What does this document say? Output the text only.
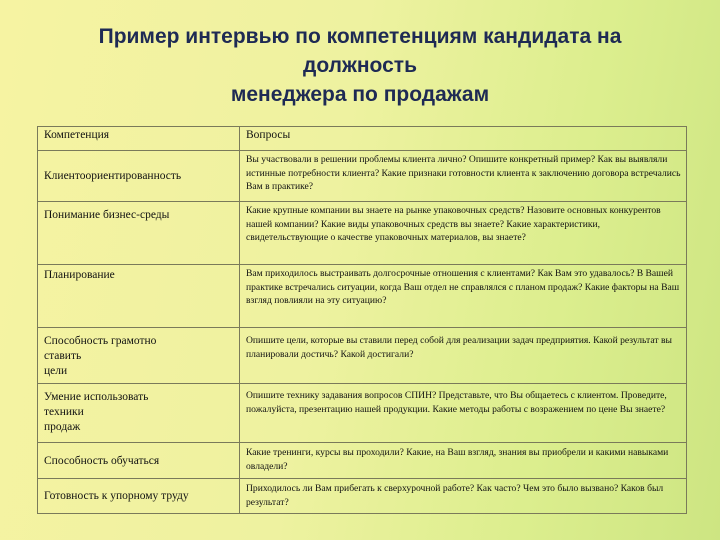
Пример интервью по компетенциям кандидата на
должность
менеджера по продажам
Компетенция	Вопросы
Клиентоориентированность	Вы участвовали в решении проблемы клиента лично? Опишите конкретный пример? Как вы выявляли истинные потребности клиента? Какие признаки готовности клиента к заключению договора встречались Вам в практике?
Понимание бизнес-среды	Какие крупные компании вы знаете на рынке упаковочных средств? Назовите основных конкурентов нашей компании? Какие виды упаковочных средств вы знаете? Какие характеристики, свидетельствующие о качестве упаковочных материалов, вы знаете?
Планирование	Вам приходилось выстраивать долгосрочные отношения с клиентами? Как Вам это удавалось? В Вашей практике встречались ситуации, когда Ваш отдел не справлялся с планом продаж? Какие факторы на Ваш взгляд повлияли на эту ситуацию?
Способность грамотно
ставить
цели	Опишите цели, которые вы ставили перед собой для реализации задач предприятия. Какой результат вы планировали достичь? Какой достигали?
Умение использовать
техники
продаж	Опишите технику задавания вопросов СПИН? Представьте, что Вы общаетесь с клиентом. Проведите, пожалуйста, презентацию нашей продукции. Какие методы работы с возражением по цене Вы знаете?
Способность обучаться	Какие тренинги, курсы вы проходили? Какие, на Ваш взгляд, знания вы приобрели и какими навыками овладели?
Готовность к упорному труду	Приходилось ли Вам прибегать к сверхурочной работе? Как часто? Чем это было вызвано? Каков был результат?
